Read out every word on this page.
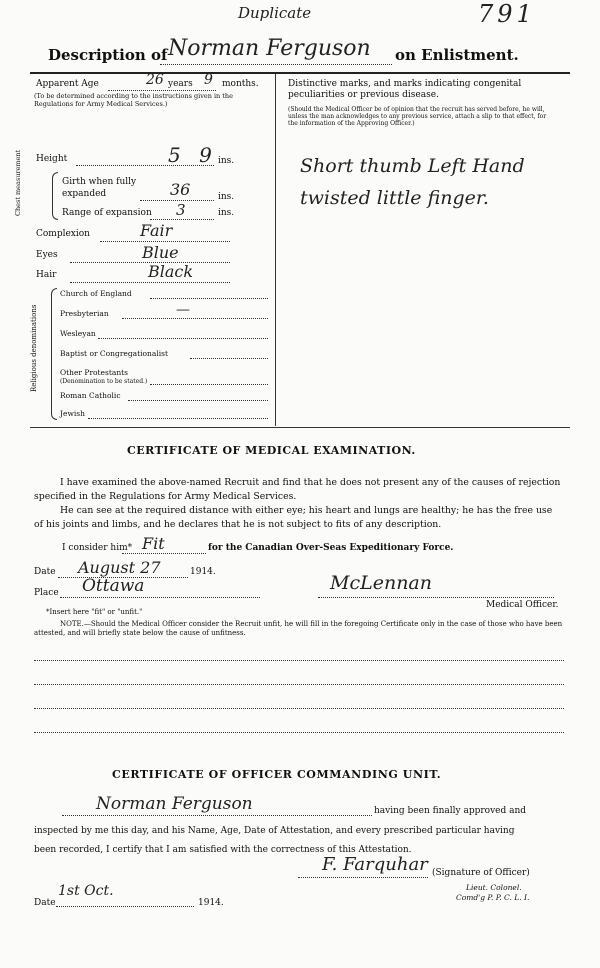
Duplicate	791
Description of Norman Ferguson on Enlistment.
Apparent Age	26 years 9 months.
(To be determined according to the instructions given in the Regulations for Army Medical Services.)
Height	5 9 ins.
Chest measurement	Girth when fully expanded	36	ins.
Range of expansion 3	ins.
Complexion	Fair
Eyes	Blue
Hair	Black
Religious denominations
Church of England
Presbyterian	—
Wesleyan
Baptist or Congregationalist
Other Protestants
(Denomination to be stated.)
Roman Catholic
Jewish
Distinctive marks, and marks indicating congenital peculiarities or previous disease.
(Should the Medical Officer be of opinion that the recruit has served before, he will, unless the man acknowledges to any previous service, attach a slip to that effect, for the information of the Approving Officer.)
Short thumb Left Hand twisted little finger.
CERTIFICATE OF MEDICAL EXAMINATION.
I have examined the above-named Recruit and find that he does not present any of the causes of rejection specified in the Regulations for Army Medical Services.
He can see at the required distance with either eye; his heart and lungs are healthy; he has the free use of his joints and limbs, and he declares that he is not subject to fits of any description.
I consider him* Fit	for the Canadian Over-Seas Expeditionary Force.
Date August 27	1914.
Place Ottawa	McLennan
Medical Officer.
*Insert here "fit" or "unfit."
NOTE.—Should the Medical Officer consider the Recruit unfit, he will fill in the foregoing Certificate only in the case of those who have been attested, and will briefly state below the cause of unfitness.
CERTIFICATE OF OFFICER COMMANDING UNIT.
Norman Ferguson	having been finally approved and
inspected by me this day, and his Name, Age, Date of Attestation, and every prescribed particular having
been recorded, I certify that I am satisfied with the correctness of this Attestation.
F. Farquhar (Signature of Officer)
Lieut. Colonel.
Comd'g P. P. C. L. I.
Date
1st Oct.
1914.
